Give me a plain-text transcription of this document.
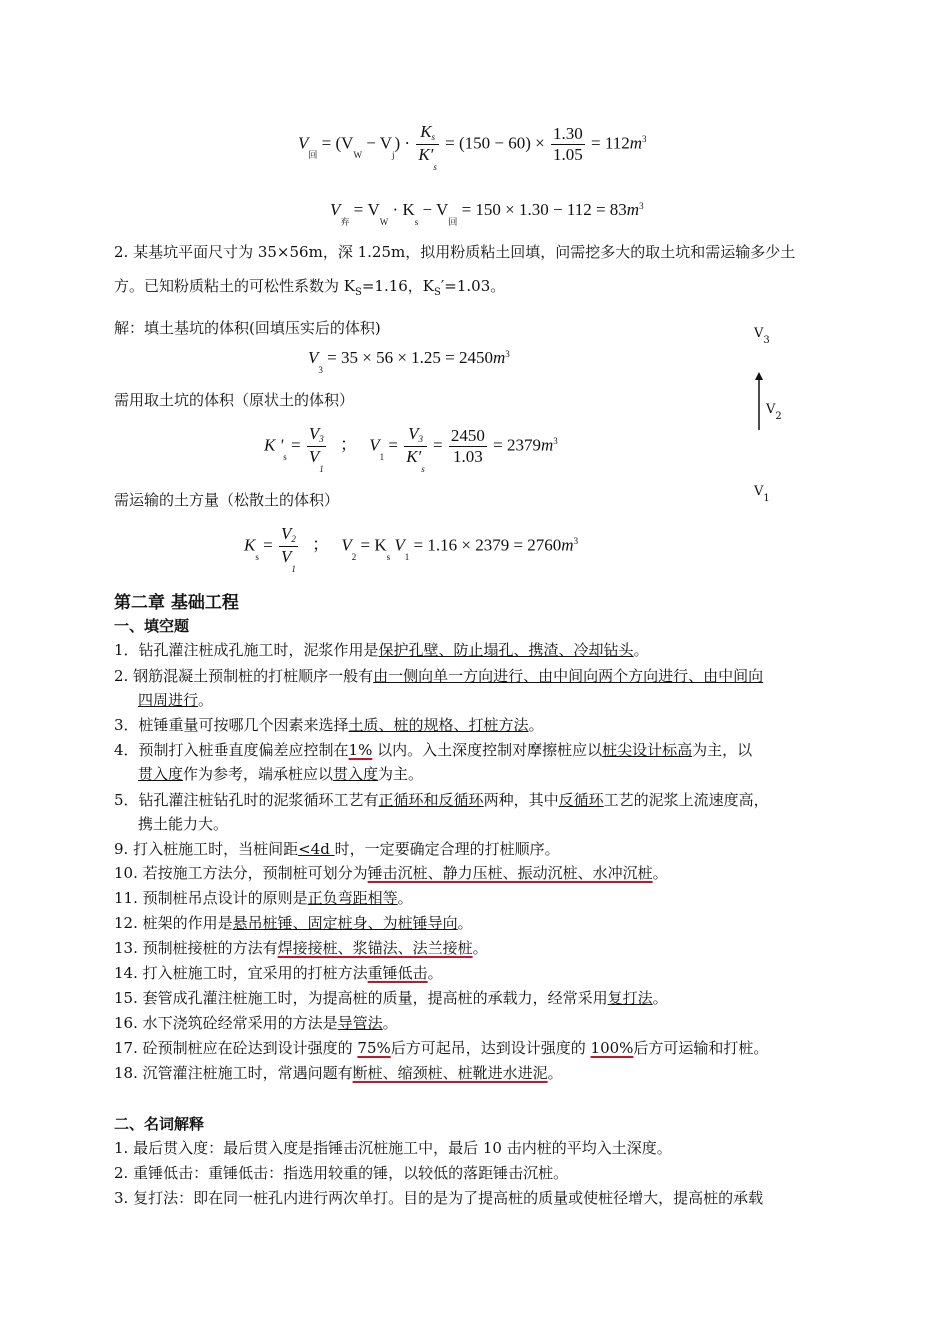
$V_回 = (V_W - V_j) \cdot \frac{Ks}{K'_s} = (150 - 60) \times \frac{1.30}{1.05} = 112m^3$
$V_弃 = V_W \cdot K_s - V_回 = 150 \times 1.30 - 112 = 83m^3$
2. 某基坑平面尺寸为 35×56m，深 1.25m，拟用粉质粘土回填，问需挖多大的取土坑和需运输多少土
方。已知粉质粘土的可松性系数为 $K_S=1.16$，$K_S'=1.03$。
解：填土基坑的体积(回填压实后的体积)
$V_3 = 35 \times 56 \times 1.25 = 2450m^3$
需用取土坑的体积（原状土的体积）
K '$_s = \frac{V3}{V_1}$ ； $V_1 = \frac{V3}{K'_s} = \frac{2450}{1.03} = 2379m^3$
需运输的土方量（松散土的体积）
$K_s = \frac{V2}{V_1}$ ； $V_2 = K_s$ $V_1 = 1.16 \times 2379 = 2760m^3$
$V_3$
$V_2$
$V_1$
第二章 基础工程
一、填空题
1．钻孔灌注桩成孔施工时，泥浆作用是保护孔壁、防止塌孔、携渣、冷却钻头。
2. 钢筋混凝土预制桩的打桩顺序一般有由一侧向单一方向进行、由中间向两个方向进行、由中间向
四周进行。
3．桩锤重量可按哪几个因素来选择土质、桩的规格、打桩方法。
4．预制打入桩垂直度偏差应控制在1% 以内。入土深度控制对摩擦桩应以桩尖设计标高为主，以
贯入度作为参考，端承桩应以贯入度为主。
5．钻孔灌注桩钻孔时的泥浆循环工艺有正循环和反循环两种，其中反循环工艺的泥浆上流速度高，
携土能力大。
9. 打入桩施工时，当桩间距<4d 时，一定要确定合理的打桩顺序。
10. 若按施工方法分，预制桩可划分为锤击沉桩、静力压桩、振动沉桩、水冲沉桩。
11. 预制桩吊点设计的原则是正负弯距相等。
12. 桩架的作用是悬吊桩锤、固定桩身、为桩锤导向。
13. 预制桩接桩的方法有焊接接桩、浆锚法、法兰接桩。
14. 打入桩施工时，宜采用的打桩方法重锤低击。
15. 套管成孔灌注桩施工时，为提高桩的质量，提高桩的承载力，经常采用复打法。
16. 水下浇筑砼经常采用的方法是导管法。
17. 砼预制桩应在砼达到设计强度的 75%后方可起吊，达到设计强度的 100%后方可运输和打桩。
18. 沉管灌注桩施工时，常遇问题有断桩、缩颈桩、桩靴进水进泥。
二、名词解释
1. 最后贯入度：最后贯入度是指锤击沉桩施工中，最后 10 击内桩的平均入土深度。
2. 重锤低击：重锤低击：指选用较重的锤，以较低的落距锤击沉桩。
3. 复打法：即在同一桩孔内进行两次单打。目的是为了提高桩的质量或使桩径增大，提高桩的承载
